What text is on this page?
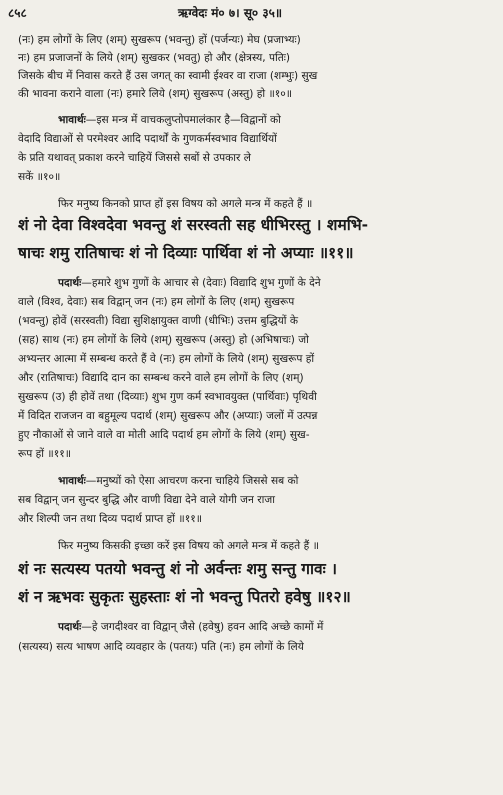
८५८	ऋग्वेदः मं० ७। सू० ३५॥
(नः) हम लोगों के लिए (शम्) सुखरूप (भवन्तु) हों (पर्जन्यः) मेघ (प्रजाभ्यः)
नः) हम प्रजाजनों के लिये (शम्) सुखकर (भवतु) हो और (क्षेत्रस्य, पतिः)
जिसके बीच में निवास करते हैं उस जगत् का स्वामी ईश्वर वा राजा (शम्भुः) सुख
की भावना कराने वाला (नः) हमारे लिये (शम्) सुखरूप (अस्तु) हो ॥१०॥
भावार्थः—इस मन्त्र में वाचकलुप्तोपमालंकार है—विद्वानों को
वेदादि विद्याओं से परमेश्वर आदि पदार्थों के गुणकर्मस्वभाव विद्यार्थियों
के प्रति यथावत् प्रकाश करने चाहियें जिससे सबों से उपकार ले
सकें ॥१०॥
फिर मनुष्य किनको प्राप्त हों इस विषय को अगले मन्त्र में कहते हैं ॥
शं नो देवा विश्वदेवा भवन्तु शं सरस्वती सह धीभिरस्तु । शमभि-
षाचः शमु रातिषाचः शं नो दिव्याः पार्थिवा शं नो अप्याः ॥११॥
पदार्थः—हमारे शुभ गुणों के आचार से (देवाः) विद्यादि शुभ गुणों के देने
वाले (विश्व, देवाः) सब विद्वान् जन (नः) हम लोगों के लिए (शम्) सुखरूप
(भवन्तु) होवें (सरस्वती) विद्या सुशिक्षायुक्त वाणी (धीभिः) उत्तम बुद्धियों के
(सह) साथ (नः) हम लोगों के लिये (शम्) सुखरूप (अस्तु) हो (अभिषाचः) जो
अभ्यन्तर आत्मा में सम्बन्ध करते हैं वे (नः) हम लोगों के लिये (शम्) सुखरूप हों
और (रातिषाचः) विद्यादि दान का सम्बन्ध करने वाले हम लोगों के लिए (शम्)
सुखरूप (उ) ही होवें तथा (दिव्याः) शुभ गुण कर्म स्वभावयुक्त (पार्थिवाः) पृथिवी
में विदित राजजन वा बहुमूल्य पदार्थ (शम्) सुखरूप और (अप्याः) जलों में उत्पन्न
हुए नौकाओं से जाने वाले वा मोती आदि पदार्थ हम लोगों के लिये (शम्) सुख-
रूप हों ॥११॥
भावार्थः—मनुष्यों को ऐसा आचरण करना चाहिये जिससे सब को
सब विद्वान् जन सुन्दर बुद्धि और वाणी विद्या देने वाले योगी जन राजा
और शिल्पी जन तथा दिव्य पदार्थ प्राप्त हों ॥११॥
फिर मनुष्य किसकी इच्छा करें इस विषय को अगले मन्त्र में कहते हैं ॥
शं नः सत्यस्य पतयो भवन्तु शं नो अर्वन्तः शमु सन्तु गावः ।
शं न ऋभवः सुकृतः सुहस्ताः शं नो भवन्तु पितरो हवेषु ॥१२॥
पदार्थः—हे जगदीश्वर वा विद्वान् जैसे (हवेषु) हवन आदि अच्छे कामों में
(सत्यस्य) सत्य भाषण आदि व्यवहार के (पतयः) पति (नः) हम लोगों के लिये
